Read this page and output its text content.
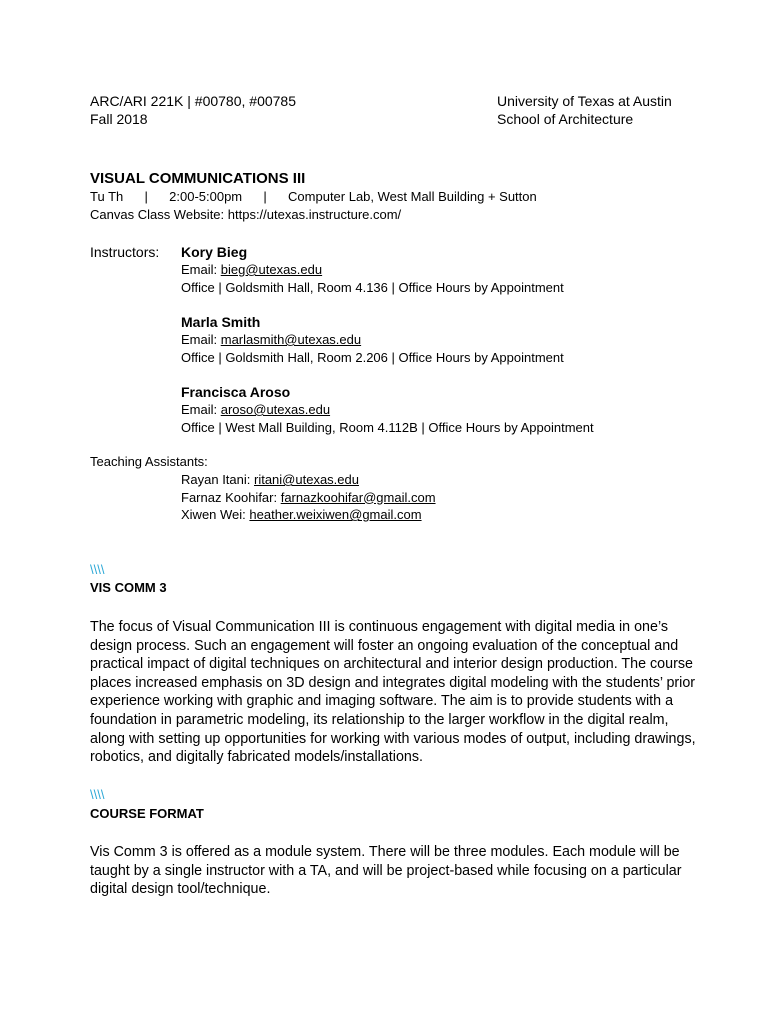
ARC/ARI 221K | #00780, #00785
Fall 2018
University of Texas at Austin
School of Architecture
VISUAL COMMUNICATIONS III
Tu Th | 2:00-5:00pm | Computer Lab, West Mall Building + Sutton
Canvas Class Website: https://utexas.instructure.com/
Instructors: Kory Bieg
Email: bieg@utexas.edu
Office | Goldsmith Hall, Room 4.136 | Office Hours by Appointment
Marla Smith
Email: marlasmith@utexas.edu
Office | Goldsmith Hall, Room 2.206 | Office Hours by Appointment
Francisca Aroso
Email: aroso@utexas.edu
Office | West Mall Building, Room 4.112B | Office Hours by Appointment
Teaching Assistants:
Rayan Itani: ritani@utexas.edu
Farnaz Koohifar: farnazkoohifar@gmail.com
Xiwen Wei: heather.weixiwen@gmail.com
\\\\
VIS COMM 3
The focus of Visual Communication III is continuous engagement with digital media in one’s
design process. Such an engagement will foster an ongoing evaluation of the conceptual and
practical impact of digital techniques on architectural and interior design production. The course
places increased emphasis on 3D design and integrates digital modeling with the students’ prior
experience working with graphic and imaging software. The aim is to provide students with a
foundation in parametric modeling, its relationship to the larger workflow in the digital realm,
along with setting up opportunities for working with various modes of output, including drawings,
robotics, and digitally fabricated models/installations.
\\\\
COURSE FORMAT
Vis Comm 3 is offered as a module system. There will be three modules. Each module will be
taught by a single instructor with a TA, and will be project-based while focusing on a particular
digital design tool/technique.
